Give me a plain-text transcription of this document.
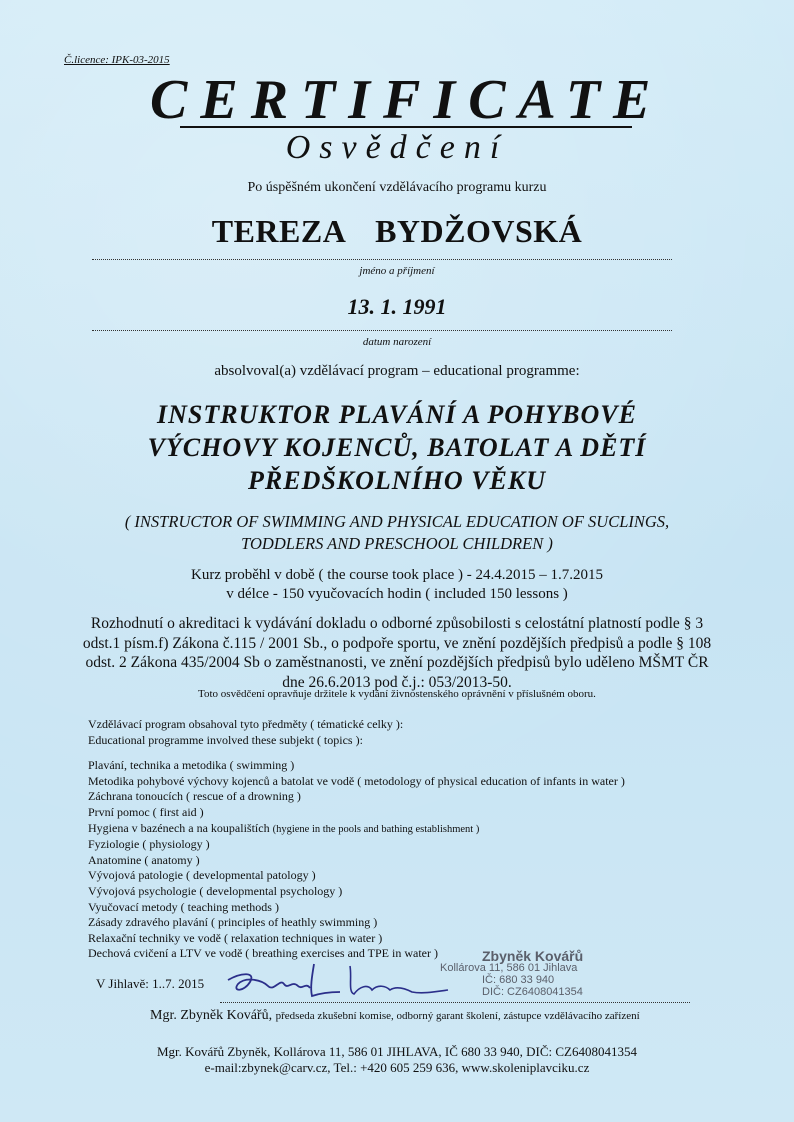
Č.licence: IPK-03-2015
CERTIFICATE
Osvědčení
Po úspěšném ukončení vzdělávacího programu kurzu
TEREZA BYDŽOVSKÁ
jméno a příjmení
13. 1. 1991
datum narození
absolvoval(a) vzdělávací program – educational programme:
INSTRUKTOR PLAVÁNÍ A POHYBOVÉ
VÝCHOVY KOJENCŮ, BATOLAT A DĚTÍ
PŘEDŠKOLNÍHO VĚKU
( INSTRUCTOR OF SWIMMING AND PHYSICAL EDUCATION OF SUCLINGS,
TODDLERS AND PRESCHOOL CHILDREN )
Kurz proběhl v době ( the course took place ) - 24.4.2015 – 1.7.2015
v délce - 150 vyučovacích hodin ( included 150 lessons )
Rozhodnutí o akreditaci k vydávání dokladu o odborné způsobilosti s celostátní platností podle § 3
odst.1 písm.f) Zákona č.115 / 2001 Sb., o podpoře sportu, ve znění pozdějších předpisů a podle § 108
odst. 2 Zákona 435/2004 Sb o zaměstnanosti, ve znění pozdějších předpisů bylo uděleno MŠMT ČR
dne 26.6.2013 pod č.j.: 053/2013-50.
Toto osvědčení opravňuje držitele k vydání živnostenského oprávnění v příslušném oboru.
Vzdělávací program obsahoval tyto předměty ( tématické celky ):
Educational programme involved these subjekt ( topics ):
Plavání, technika a metodika ( swimming )
Metodika pohybové výchovy kojenců a batolat ve vodě ( metodology of physical education of infants in water )
Záchrana tonoucích ( rescue of a drowning )
První pomoc ( first aid )
Hygiena v bazénech a na koupalištích (hygiene in the pools and bathing establishment )
Fyziologie ( physiology )
Anatomine ( anatomy )
Vývojová patologie ( developmental patology )
Vývojová psychologie ( developmental psychology )
Vyučovací metody ( teaching methods )
Zásady zdravého plavání ( principles of heathly swimming )
Relaxační techniky ve vodě ( relaxation techniques in water )
Dechová cvičení a LTV ve vodě ( breathing exercises and TPE in water )
V Jihlavě: 1..7. 2015
Zbyněk Kovářů
Kollárova 11, 586 01 Jihlava
IČ: 680 33 940
DIČ: CZ6408041354
Mgr. Zbyněk Kovářů, předseda zkušební komise, odborný garant školení, zástupce vzdělávacího zařízení
Mgr. Kovářů Zbyněk, Kollárova 11, 586 01 JIHLAVA, IČ 680 33 940, DIČ: CZ6408041354
e-mail:zbynek@carv.cz, Tel.: +420 605 259 636, www.skoleniplavciku.cz
